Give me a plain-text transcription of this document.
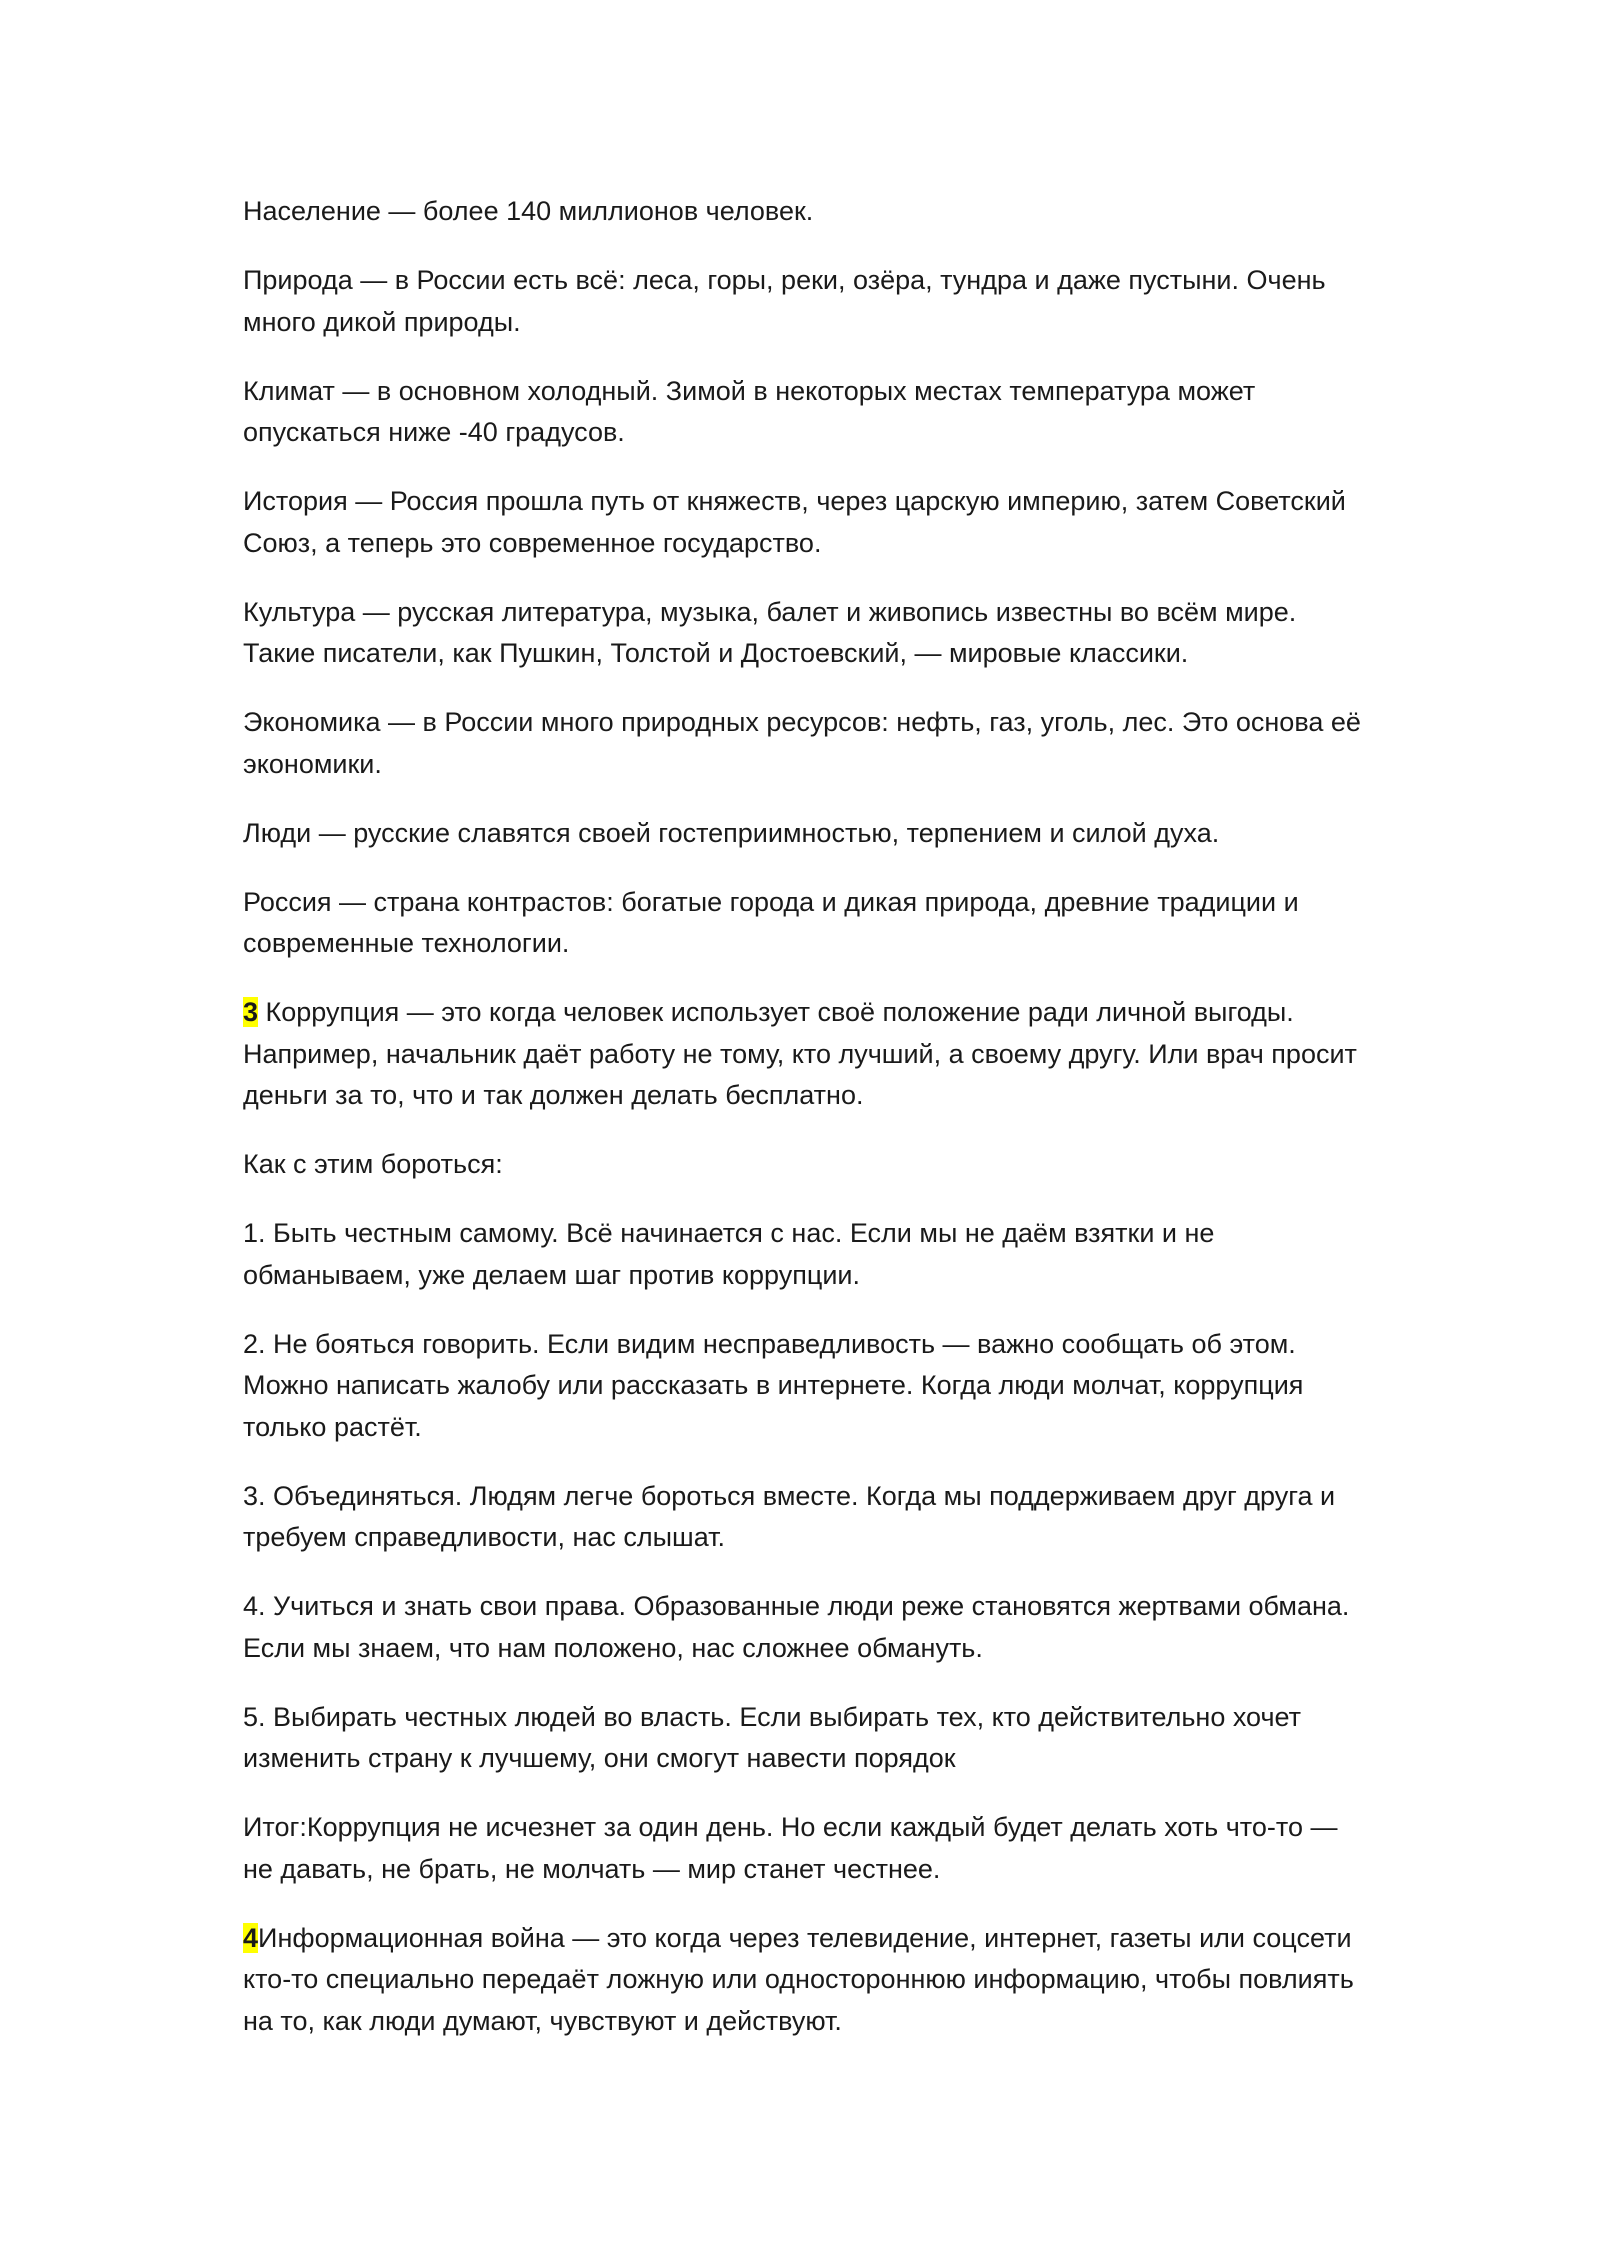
Население — более 140 миллионов человек.

Природа — в России есть всё: леса, горы, реки, озёра, тундра и даже пустыни. Очень много дикой природы.

Климат — в основном холодный. Зимой в некоторых местах температура может опускаться ниже -40 градусов.

История — Россия прошла путь от княжеств, через царскую империю, затем Советский Союз, а теперь это современное государство.

Культура — русская литература, музыка, балет и живопись известны во всём мире. Такие писатели, как Пушкин, Толстой и Достоевский, — мировые классики.

Экономика — в России много природных ресурсов: нефть, газ, уголь, лес. Это основа её экономики.

Люди — русские славятся своей гостеприимностью, терпением и силой духа.

Россия — страна контрастов: богатые города и дикая природа, древние традиции и современные технологии.

3 Коррупция — это когда человек использует своё положение ради личной выгоды. Например, начальник даёт работу не тому, кто лучший, а своему другу. Или врач просит деньги за то, что и так должен делать бесплатно.

Как с этим бороться:

1. Быть честным самому. Всё начинается с нас. Если мы не даём взятки и не обманываем, уже делаем шаг против коррупции.

2. Не бояться говорить. Если видим несправедливость — важно сообщать об этом. Можно написать жалобу или рассказать в интернете. Когда люди молчат, коррупция только растёт.

3. Объединяться. Людям легче бороться вместе. Когда мы поддерживаем друг друга и требуем справедливости, нас слышат.

4. Учиться и знать свои права. Образованные люди реже становятся жертвами обмана. Если мы знаем, что нам положено, нас сложнее обмануть.

5. Выбирать честных людей во власть. Если выбирать тех, кто действительно хочет изменить страну к лучшему, они смогут навести порядок

Итог:Коррупция не исчезнет за один день. Но если каждый будет делать хоть что-то — не давать, не брать, не молчать — мир станет честнее.

4Информационная война — это когда через телевидение, интернет, газеты или соцсети кто-то специально передаёт ложную или одностороннюю информацию, чтобы повлиять на то, как люди думают, чувствуют и действуют.
